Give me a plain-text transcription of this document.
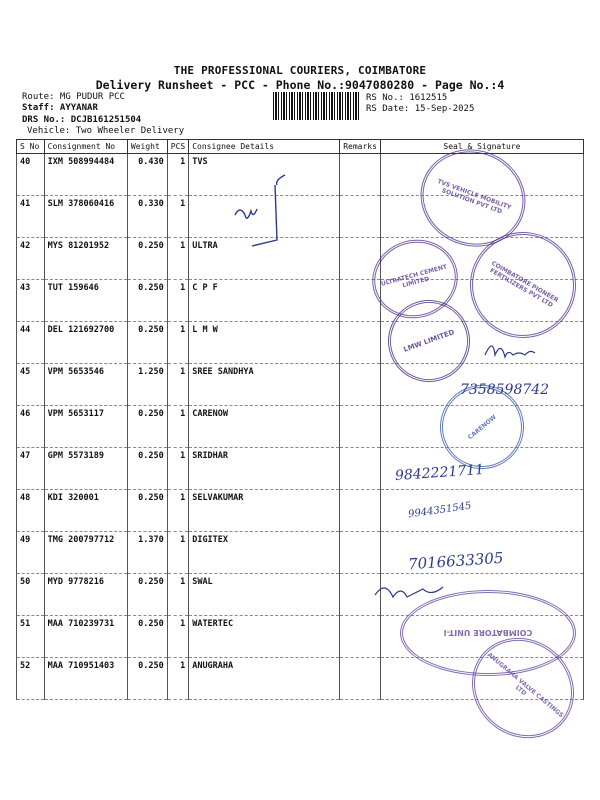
THE PROFESSIONAL COURIERS, COIMBATORE
Delivery Runsheet - PCC - Phone No.:9047080280 - Page No.:4
Route: MG PUDUR PCC
Staff: AYYANAR
DRS No.: DCJB161251504
Vehicle: Two Wheeler Delivery
RS No.: 1612515
RS Date: 15-Sep-2025
S No	Consignment No	Weight	PCS	Consignee Details	Remarks	Seal & Signature
40	IXM 508994484	0.430	1	TVS		
41	SLM 378060416	0.330	1			
42	MYS 81201952	0.250	1	ULTRA		
43	TUT 159646	0.250	1	C P F		
44	DEL 121692700	0.250	1	L M W		
45	VPM 5653546	1.250	1	SREE SANDHYA		
46	VPM 5653117	0.250	1	CARENOW		
47	GPM 5573189	0.250	1	SRIDHAR		
48	KDI 320001	0.250	1	SELVAKUMAR		
49	TMG 200797712	1.370	1	DIGITEX		
50	MYD 9778216	0.250	1	SWAL		
51	MAA 710239731	0.250	1	WATERTEC		
52	MAA 710951403	0.250	1	ANUGRAHA		
TVS VEHICLE MOBILITY SOLUTION PVT LTD
ULTRATECH CEMENT LIMITED	COIMBATORE PIONEER FERTILIZERS PVT LTD
LMW LIMITED
CARENOW
COIMBATORE UNIT-I
ANUGRAHA VALVE CASTINGS LTD
7358598742
9842221711
9944351545
7016633305
